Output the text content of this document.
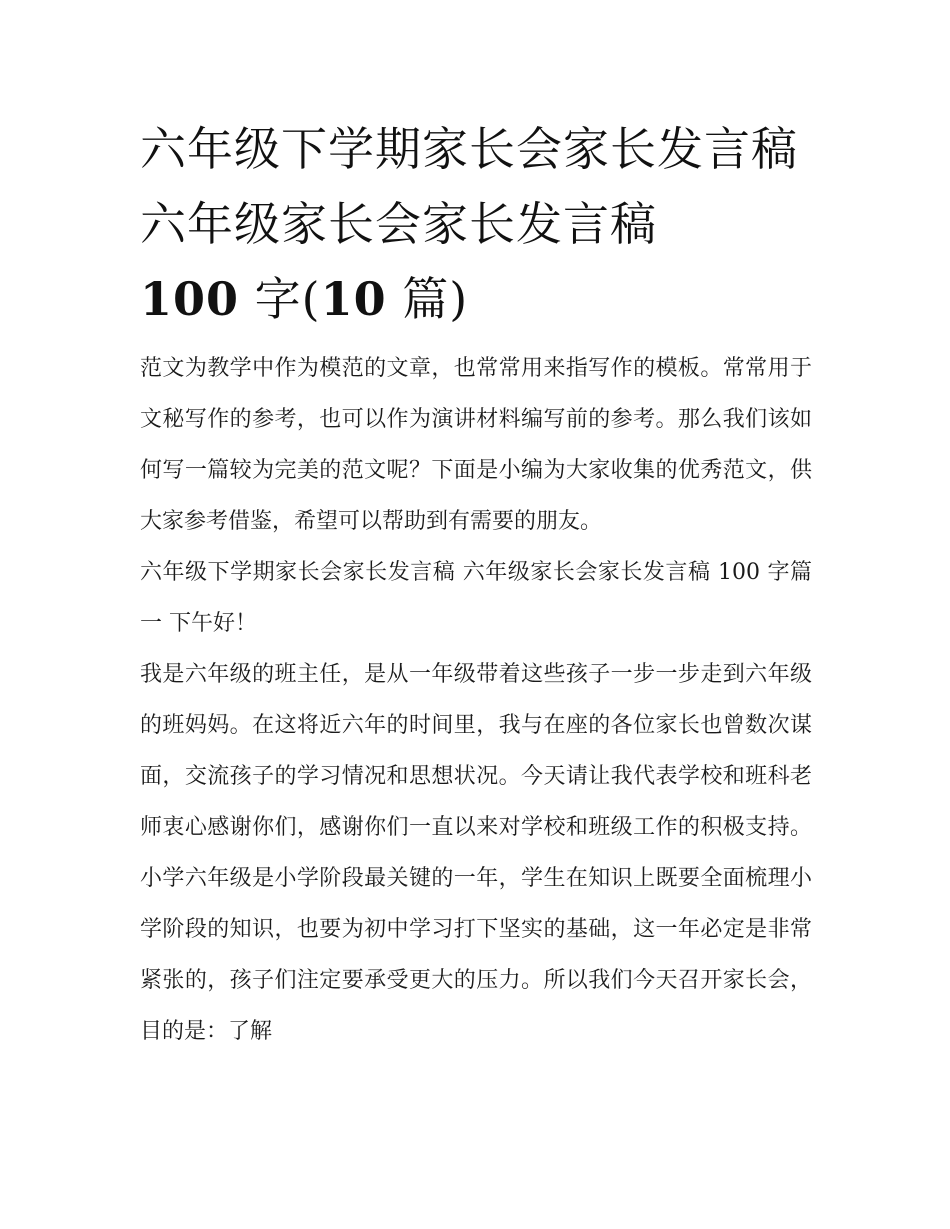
六年级下学期家长会家长发言稿 六年级家长会家长发言稿
100 字(10 篇)

范文为教学中作为模范的文章，也常常用来指写作的模板。常常用于文秘写作的参考，也可以作为演讲材料编写前的参考。那么我们该如何写一篇较为完美的范文呢？下面是小编为大家收集的优秀范文，供大家参考借鉴，希望可以帮助到有需要的朋友。

六年级下学期家长会家长发言稿 六年级家长会家长发言稿 100 字篇一 下午好！

我是六年级的班主任，是从一年级带着这些孩子一步一步走到六年级的班妈妈。在这将近六年的时间里，我与在座的各位家长也曾数次谋面，交流孩子的学习情况和思想状况。今天请让我代表学校和班科老师衷心感谢你们，感谢你们一直以来对学校和班级工作的积极支持。小学六年级是小学阶段最关键的一年，学生在知识上既要全面梳理小学阶段的知识，也要为初中学习打下坚实的基础，这一年必定是非常紧张的，孩子们注定要承受更大的压力。所以我们今天召开家长会，目的是：了解
